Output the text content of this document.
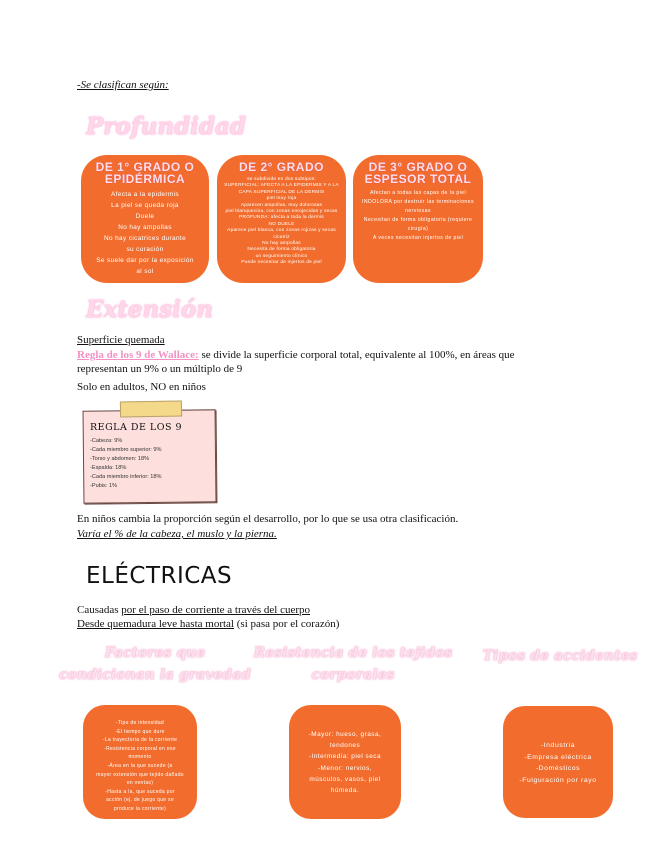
-Se clasifican según:
Profundidad
DE 1° GRADO O EPIDÉRMICA
Afecta a la epidermis
La piel se queda roja
Duele
No hay ampollas
No hay cicatrices durante
su curación
Se suele dar por la exposición
al sol
DE 2° GRADO
se subdivide en dos subtipos:
SUPERFICIAL: AFECTA A LA EPIDERMIS Y A LA
CAPA SUPERFICIAL DE LA DERMIS
piel muy roja
Aparecen ampollas, muy dolorosas
piel blanquecina, con zonas enrojecidas y secas
PROFUNDA: afecta a toda la dermis
NO DUELE
Aparece piel blanca, con zonas rojizas y secas
cicatriz
No hay ampollas
Necesita de forma obligatoria
un seguimiento clínico
Puede necesitar de injertos de piel
DE 3° GRADO O ESPESOR TOTAL
Afectan a todas las capas de la piel
INDOLORA por destruir las terminaciones
nerviosas
Necesitan de forma obligatoria (requiere
cirugía)
A veces necesitan injertos de piel
Extensión
Superficie quemada
Regla de los 9 de Wallace: se divide la superficie corporal total, equivalente al 100%, en áreas que representan un 9% o un múltiplo de 9
Solo en adultos, NO en niños
REGLA DE LOS 9
-Cabeza: 9%
-Cada miembro superior: 9%
-Torso y abdomen: 18%
-Espalda: 18%
-Cada miembro inferior: 18%
-Pubis: 1%
En niños cambia la proporción según el desarrollo, por lo que se usa otra clasificación.
Varía el % de la cabeza, el muslo y la pierna.
ELÉCTRICAS
Causadas por el paso de corriente a través del cuerpo
Desde quemadura leve hasta mortal (si pasa por el corazón)
Factores que condicionan la gravedad
Resistencia de los tejidos corporales
Tipos de accidentes
-Tipo de intensidad
-El tiempo que dure
-La trayectoria de la corriente
-Resistencia corporal en ese
momento
-Área en la que sucede (a
mayor extensión que tejido dañado
en ventas)
-Hasta a la, que suceda por
acción (ej. de juego que se
produce la corriente)
-Mayor: hueso, grasa,
tendones
-Intermedia: piel seca
-Menor: nervios,
músculos, vasos, piel
húmeda.
-Industria
-Empresa eléctrica
-Domésticos
-Fulguración por rayo
